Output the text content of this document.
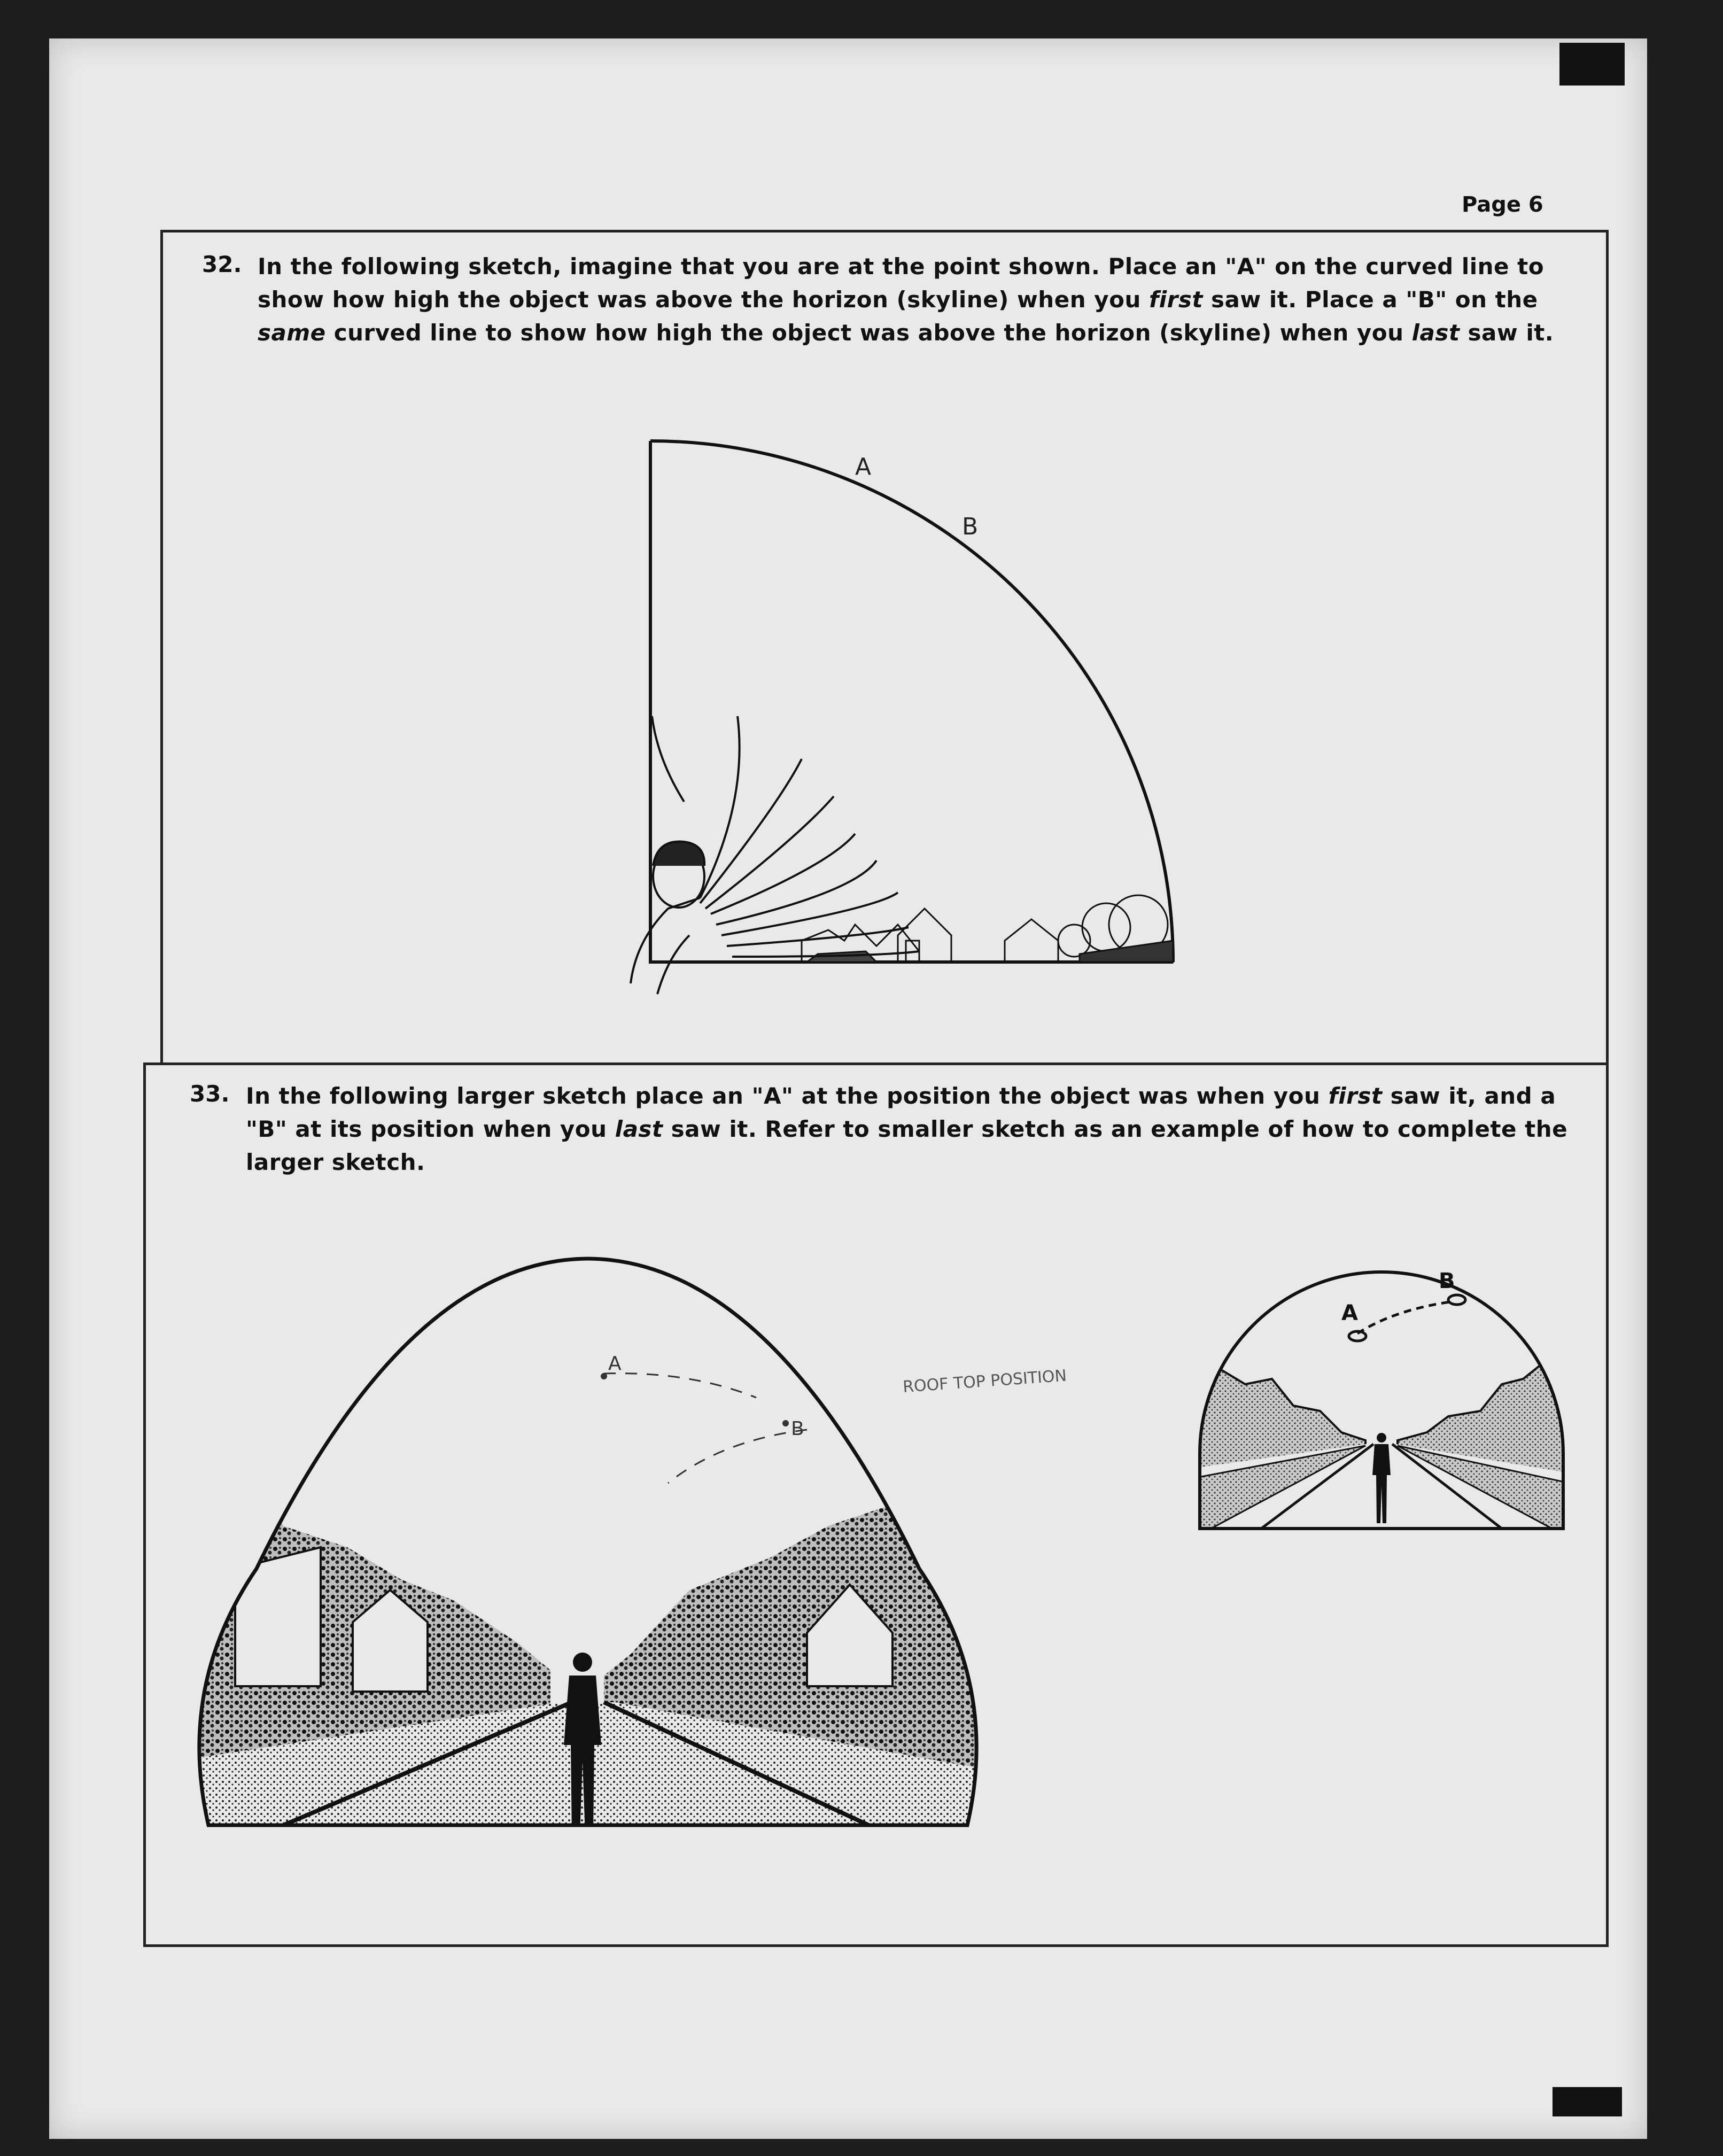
Page 6
32. In the following sketch, imagine that you are at the point shown. Place an "A" on the curved line to show how high the object was above the horizon (skyline) when you first saw it. Place a "B" on the same curved line to show how high the object was above the horizon (skyline) when you last saw it.
A
B
33. In the following larger sketch place an "A" at the position the object was when you first saw it, and a "B" at its position when you last saw it. Refer to smaller sketch as an example of how to complete the larger sketch.
A
B
ROOF TOP POSITION
A
B
